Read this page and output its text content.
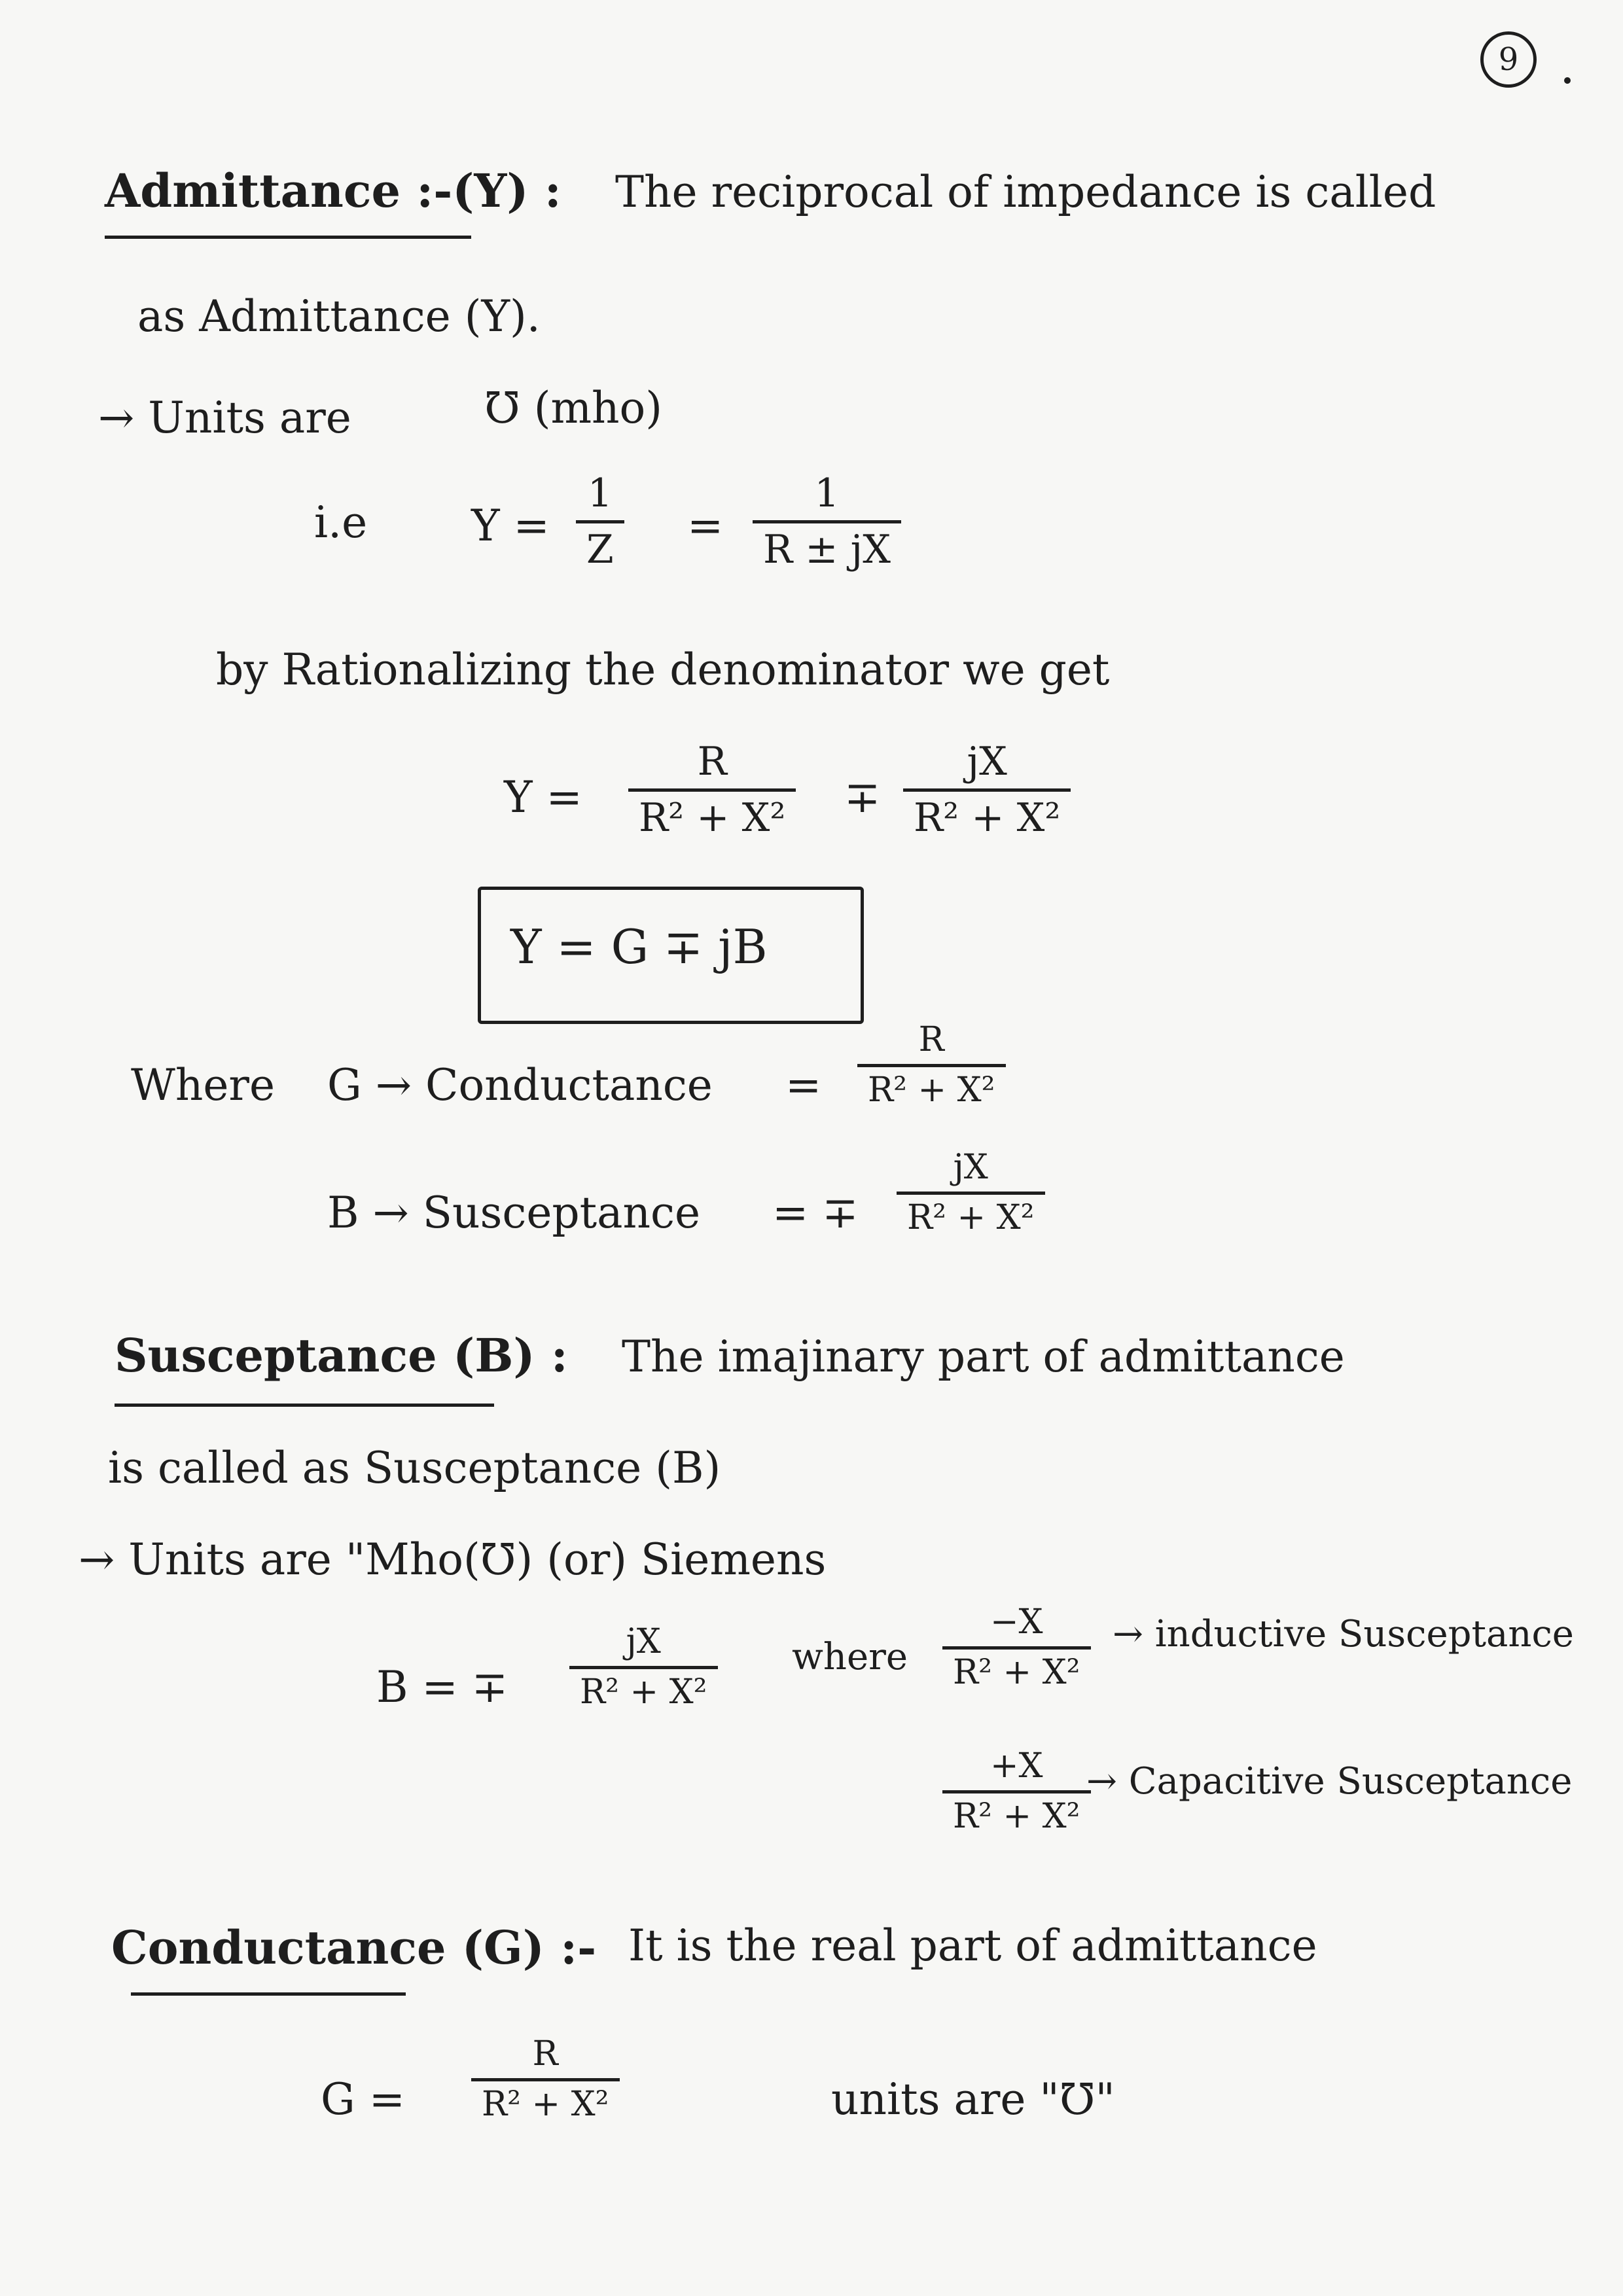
9
Admittance :-(Y) : The reciprocal of impedance is called
as Admittance (Y).
→ Units are	℧ (mho)
i.e Y =
1
Z =
1
R ± jX
by Rationalizing the denominator we get
Y =
R
R² + X² ∓
jX
R² + X²
Y = G ∓ jB
Where G → Conductance =
R
R² + X²
B → Susceptance = ∓
jX
R² + X²
Susceptance (B) : The imajinary part of admittance
is called as Susceptance (B)
→ Units are "Mho(℧) (or) Siemens
B = ∓
jX
R² + X²
where
−X
R² + X²
→ inductive Susceptance
+X
R² + X²
→ Capacitive Susceptance
Conductance (G) :- It is the real part of admittance
G =
R
R² + X²	units are "℧"
